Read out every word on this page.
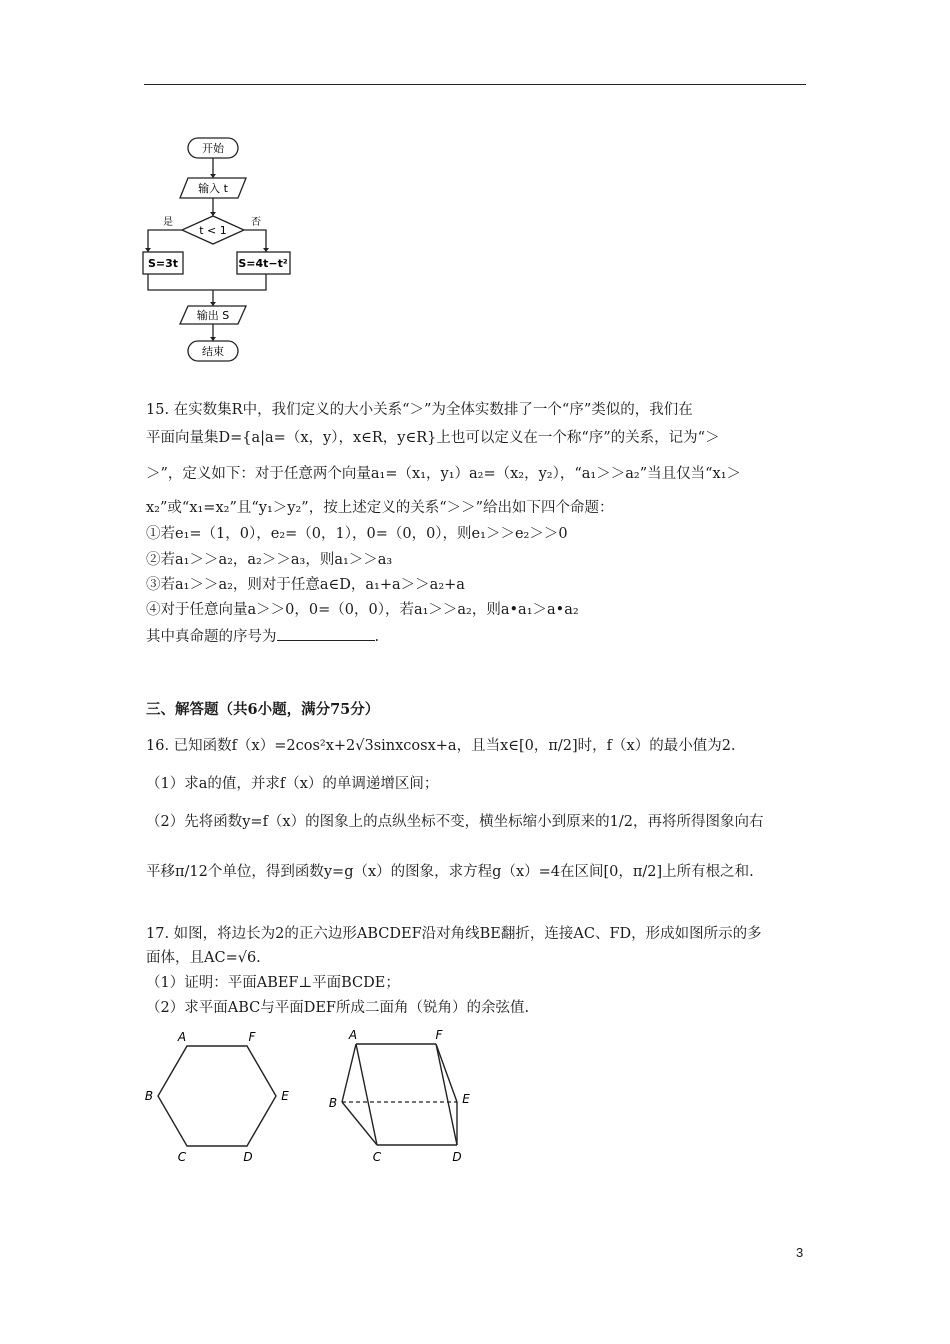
开始
输入 t
t < 1
是	否
S=3t	S=4t−t²
输出 S
结束
15. 在实数集R中，我们定义的大小关系“＞”为全体实数排了一个“序”类似的，我们在
平面向量集D={a|a=（x，y），x∈R，y∈R}上也可以定义在一个称“序”的关系，记为“＞
＞”，定义如下：对于任意两个向量a₁=（x₁，y₁）a₂=（x₂，y₂），“a₁＞＞a₂”当且仅当“x₁＞
x₂”或“x₁=x₂”且“y₁＞y₂”，按上述定义的关系“＞＞”给出如下四个命题：
①若e₁=（1，0），e₂=（0，1），0=（0，0），则e₁＞＞e₂＞＞0
②若a₁＞＞a₂，a₂＞＞a₃，则a₁＞＞a₃
③若a₁＞＞a₂，则对于任意a∈D，a₁+a＞＞a₂+a
④对于任意向量a＞＞0，0=（0，0），若a₁＞＞a₂，则a•a₁＞a•a₂
其中真命题的序号为	.
三、解答题（共6小题，满分75分）
16. 已知函数f（x）=2cos²x+2√3sinxcosx+a，且当x∈[0，π/2]时，f（x）的最小值为2.
（1）求a的值，并求f（x）的单调递增区间；
（2）先将函数y=f（x）的图象上的点纵坐标不变，横坐标缩小到原来的1/2，再将所得图象向右
平移π/12个单位，得到函数y=g（x）的图象，求方程g（x）=4在区间[0，π/2]上所有根之和.
17. 如图，将边长为2的正六边形ABCDEF沿对角线BE翻折，连接AC、FD，形成如图所示的多
面体，且AC=√6.
（1）证明：平面ABEF⊥平面BCDE；
（2）求平面ABC与平面DEF所成二面角（锐角）的余弦值.
A	F
B	E
C	D
A	F
B	E
C	D
3
